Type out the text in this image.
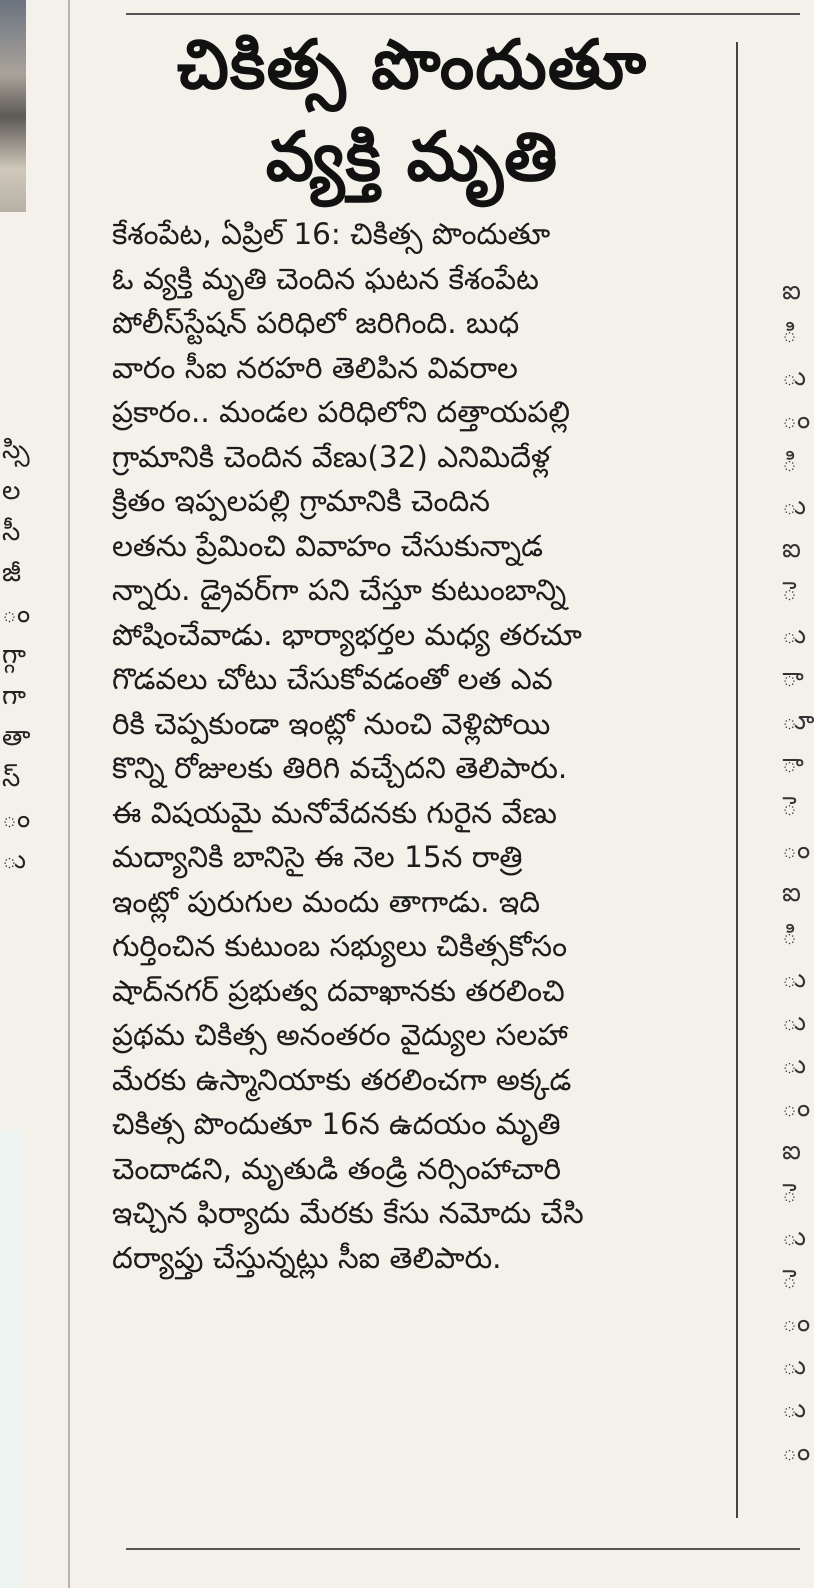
స్సి
ల
సీ
జీ
ం
గ్గా
గా
తా
స్
ం
ు
చికిత్స పొందుతూ
వ్యక్తి మృతి

కేశంపేట, ఏప్రిల్ 16: చికిత్స పొందుతూ
ఓ వ్యక్తి మృతి చెందిన ఘటన కేశంపేట
పోలీస్‌స్టేషన్ పరిధిలో జరిగింది. బుధ
వారం సీఐ నరహరి తెలిపిన వివరాల
ప్రకారం.. మండల పరిధిలోని దత్తాయపల్లి
గ్రామానికి చెందిన వేణు(32) ఎనిమిదేళ్ల
క్రితం ఇప్పలపల్లి గ్రామానికి చెందిన
లతను ప్రేమించి వివాహం చేసుకున్నాడ
న్నారు. డ్రైవర్‌గా పని చేస్తూ కుటుంబాన్ని
పోషించేవాడు. భార్యాభర్తల మధ్య తరచూ
గొడవలు చోటు చేసుకోవడంతో లత ఎవ
రికి చెప్పకుండా ఇంట్లో నుంచి వెళ్లిపోయి
కొన్ని రోజులకు తిరిగి వచ్చేదని తెలిపారు.
ఈ విషయమై మనోవేదనకు గురైన వేణు
మద్యానికి బానిసై ఈ నెల 15న రాత్రి
ఇంట్లో పురుగుల మందు తాగాడు. ఇది
గుర్తించిన కుటుంబ సభ్యులు చికిత్సకోసం
షాద్‌నగర్ ప్రభుత్వ దవాఖానకు తరలించి
ప్రథమ చికిత్స అనంతరం వైద్యుల సలహా
మేరకు ఉస్మానియాకు తరలించగా అక్కడ
చికిత్స పొందుతూ 16న ఉదయం మృతి
చెందాడని, మృతుడి తండ్రి నర్సింహాచారి
ఇచ్చిన ఫిర్యాదు మేరకు కేసు నమోదు చేసి
దర్యాప్తు చేస్తున్నట్లు సీఐ తెలిపారు.

ఐ
ి
ు
ం
ి
ు
ఐ
ె
ు
ా
ూ
ా
ె
ం
ఐ
ి
ు
ు
ు
ం
ఐ
ె
ు
ె
ం
ు
ు
ం
